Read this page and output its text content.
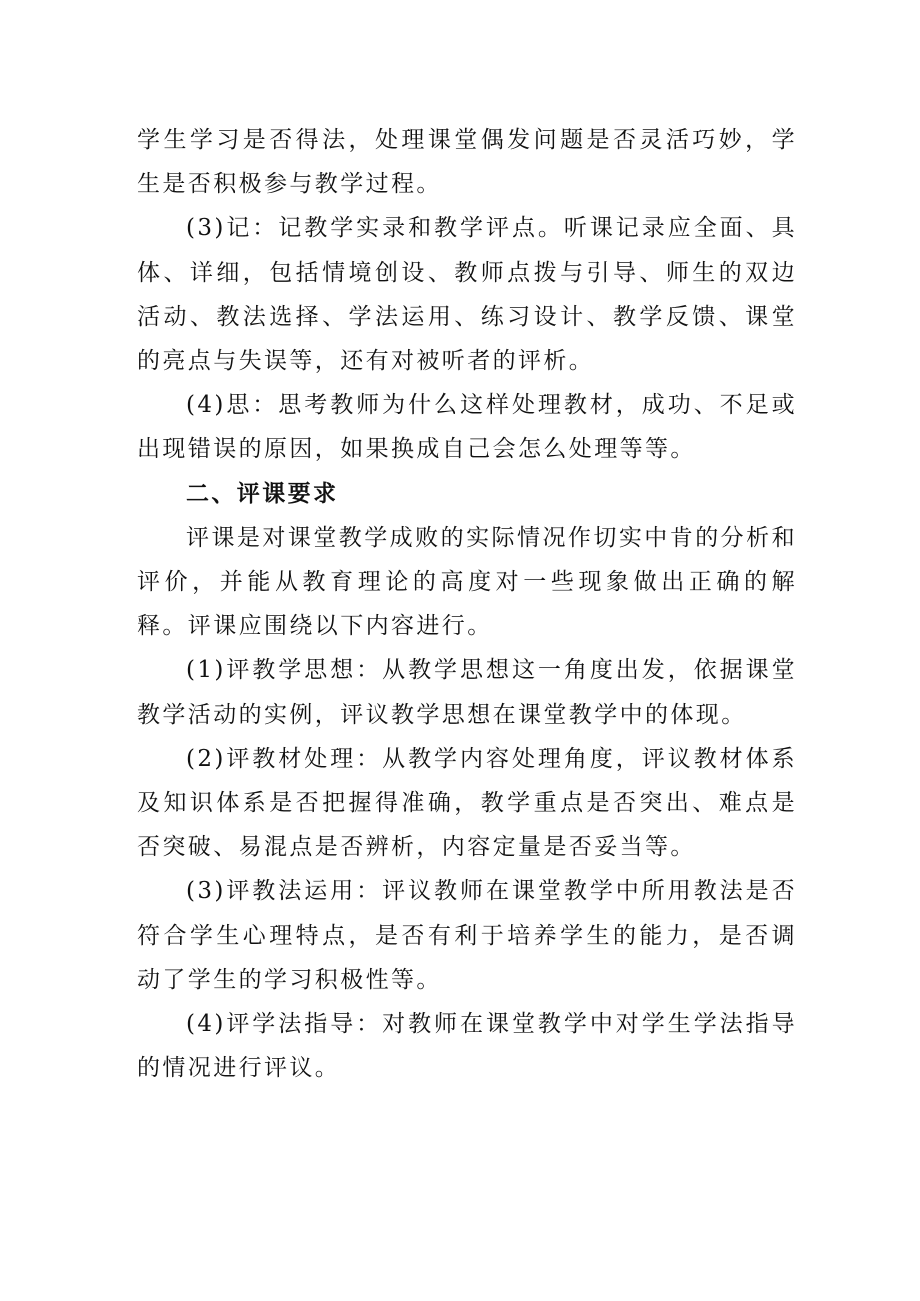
学生学习是否得法，处理课堂偶发问题是否灵活巧妙，学生是否积极参与教学过程。

(3)记：记教学实录和教学评点。听课记录应全面、具体、详细，包括情境创设、教师点拨与引导、师生的双边活动、教法选择、学法运用、练习设计、教学反馈、课堂的亮点与失误等，还有对被听者的评析。

(4)思：思考教师为什么这样处理教材，成功、不足或出现错误的原因，如果换成自己会怎么处理等等。

二、评课要求

评课是对课堂教学成败的实际情况作切实中肯的分析和评价，并能从教育理论的高度对一些现象做出正确的解释。评课应围绕以下内容进行。

(1)评教学思想：从教学思想这一角度出发，依据课堂教学活动的实例，评议教学思想在课堂教学中的体现。

(2)评教材处理：从教学内容处理角度，评议教材体系及知识体系是否把握得准确，教学重点是否突出、难点是否突破、易混点是否辨析，内容定量是否妥当等。

(3)评教法运用：评议教师在课堂教学中所用教法是否符合学生心理特点，是否有利于培养学生的能力，是否调动了学生的学习积极性等。

(4)评学法指导：对教师在课堂教学中对学生学法指导的情况进行评议。
